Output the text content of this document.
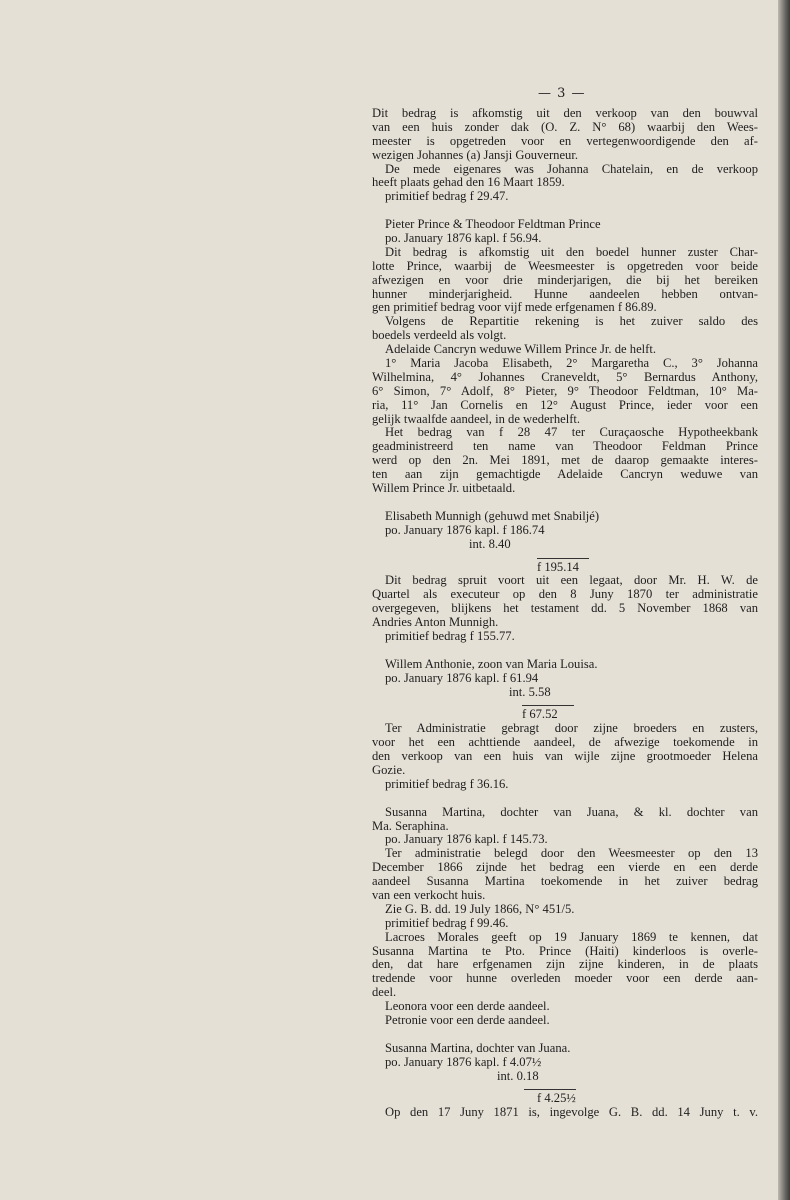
— 3 —
Dit bedrag is afkomstig uit den verkoop van den bouwval
van een huis zonder dak (O. Z. N° 68) waarbij den Wees-
meester is opgetreden voor en vertegenwoordigende den af-
wezigen Johannes (a) Jansji Gouverneur.
De mede eigenares was Johanna Chatelain, en de verkoop
heeft plaats gehad den 16 Maart 1859.
primitief bedrag f 29.47.
Pieter Prince & Theodoor Feldtman Prince
po. January 1876 kapl. f 56.94.
Dit bedrag is afkomstig uit den boedel hunner zuster Char-
lotte Prince, waarbij de Weesmeester is opgetreden voor beide
afwezigen en voor drie minderjarigen, die bij het bereiken
hunner minderjarigheid. Hunne aandeelen hebben ontvan-
gen primitief bedrag voor vijf mede erfgenamen f 86.89.
Volgens de Repartitie rekening is het zuiver saldo des
boedels verdeeld als volgt.
Adelaide Cancryn weduwe Willem Prince Jr. de helft.
1° Maria Jacoba Elisabeth, 2° Margaretha C., 3° Johanna
Wilhelmina, 4° Johannes Craneveldt, 5° Bernardus Anthony,
6° Simon, 7° Adolf, 8° Pieter, 9° Theodoor Feldtman, 10° Ma-
ria, 11° Jan Cornelis en 12° August Prince, ieder voor een
gelijk twaalfde aandeel, in de wederhelft.
Het bedrag van f 28 47 ter Curaçaosche Hypotheekbank
geadministreerd ten name van Theodoor Feldman Prince
werd op den 2n. Mei 1891, met de daarop gemaakte interes-
ten aan zijn gemachtigde Adelaide Cancryn weduwe van
Willem Prince Jr. uitbetaald.
Elisabeth Munnigh (gehuwd met Snabiljé)
po. January 1876 kapl. f 186.74
int. 8.40
f 195.14
Dit bedrag spruit voort uit een legaat, door Mr. H. W. de
Quartel als executeur op den 8 Juny 1870 ter administratie
overgegeven, blijkens het testament dd. 5 November 1868 van
Andries Anton Munnigh.
primitief bedrag f 155.77.
Willem Anthonie, zoon van Maria Louisa.
po. January 1876 kapl. f 61.94
int. 5.58
f 67.52
Ter Administratie gebragt door zijne broeders en zusters,
voor het een achttiende aandeel, de afwezige toekomende in
den verkoop van een huis van wijle zijne grootmoeder Helena
Gozie.
primitief bedrag f 36.16.
Susanna Martina, dochter van Juana, & kl. dochter van
Ma. Seraphina.
po. January 1876 kapl. f 145.73.
Ter administratie belegd door den Weesmeester op den 13
December 1866 zijnde het bedrag een vierde en een derde
aandeel Susanna Martina toekomende in het zuiver bedrag
van een verkocht huis.
Zie G. B. dd. 19 July 1866, N° 451/5.
primitief bedrag f 99.46.
Lacroes Morales geeft op 19 January 1869 te kennen, dat
Susanna Martina te Pto. Prince (Haiti) kinderloos is overle-
den, dat hare erfgenamen zijn zijne kinderen, in de plaats
tredende voor hunne overleden moeder voor een derde aan-
deel.
Leonora voor een derde aandeel.
Petronie voor een derde aandeel.
Susanna Martina, dochter van Juana.
po. January 1876 kapl. f 4.07½
int. 0.18
f 4.25½
Op den 17 Juny 1871 is, ingevolge G. B. dd. 14 Juny t. v.
